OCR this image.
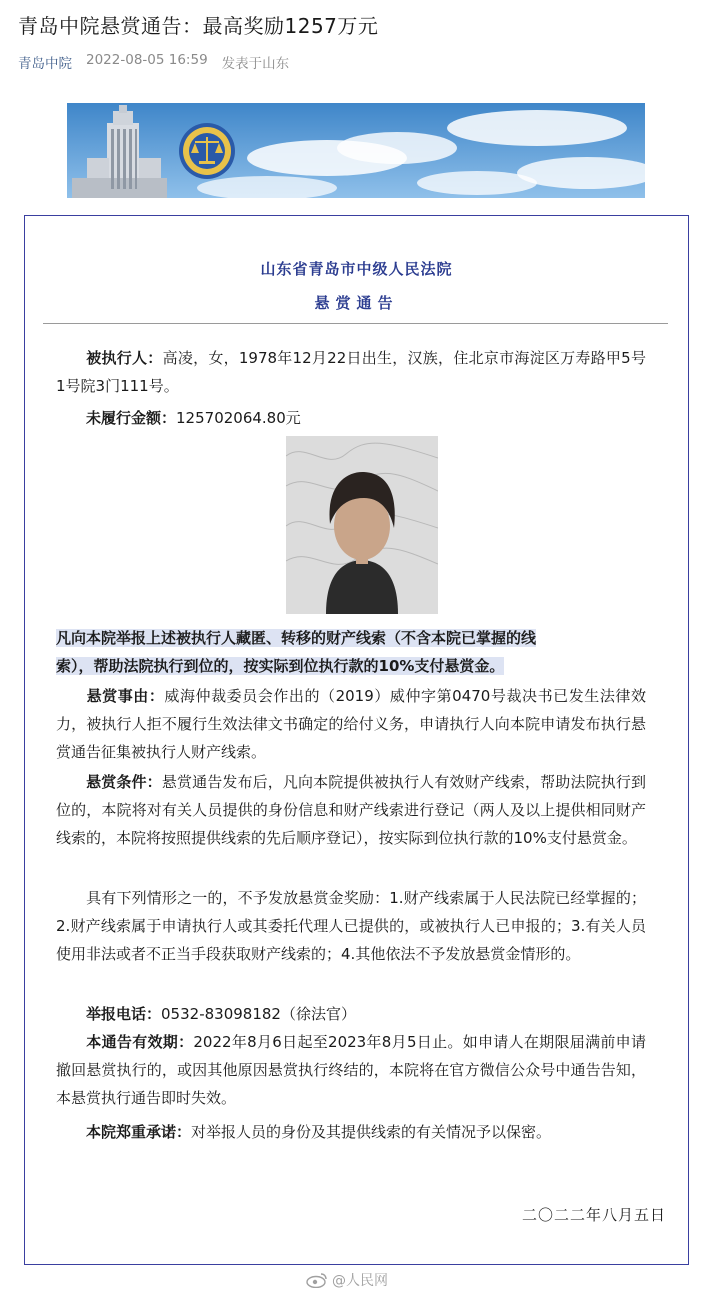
青岛中院悬赏通告：最高奖励1257万元
青岛中院 2022-08-05 16:59 发表于山东
山东省青岛市中级人民法院
悬赏通告
被执行人：高凌，女，1978年12月22日出生，汉族，住北京市海淀区万寿路甲5号1号院3门111号。
未履行金额：125702064.80元
凡向本院举报上述被执行人藏匿、转移的财产线索（不含本院已掌握的线
索），帮助法院执行到位的，按实际到位执行款的10%支付悬赏金。
悬赏事由：威海仲裁委员会作出的（2019）威仲字第0470号裁决书已发生法律效力，被执行人拒不履行生效法律文书确定的给付义务，申请执行人向本院申请发布执行悬赏通告征集被执行人财产线索。
悬赏条件：悬赏通告发布后，凡向本院提供被执行人有效财产线索，帮助法院执行到位的，本院将对有关人员提供的身份信息和财产线索进行登记（两人及以上提供相同财产线索的，本院将按照提供线索的先后顺序登记），按实际到位执行款的10%支付悬赏金。
具有下列情形之一的，不予发放悬赏金奖励：1.财产线索属于人民法院已经掌握的；2.财产线索属于申请执行人或其委托代理人已提供的，或被执行人已申报的；3.有关人员使用非法或者不正当手段获取财产线索的；4.其他依法不予发放悬赏金情形的。
举报电话：0532-83098182（徐法官）
本通告有效期：2022年8月6日起至2023年8月5日止。如申请人在期限届满前申请撤回悬赏执行的，或因其他原因悬赏执行终结的，本院将在官方微信公众号中通告告知，本悬赏执行通告即时失效。
本院郑重承诺：对举报人员的身份及其提供线索的有关情况予以保密。
二〇二二年八月五日
@人民网
